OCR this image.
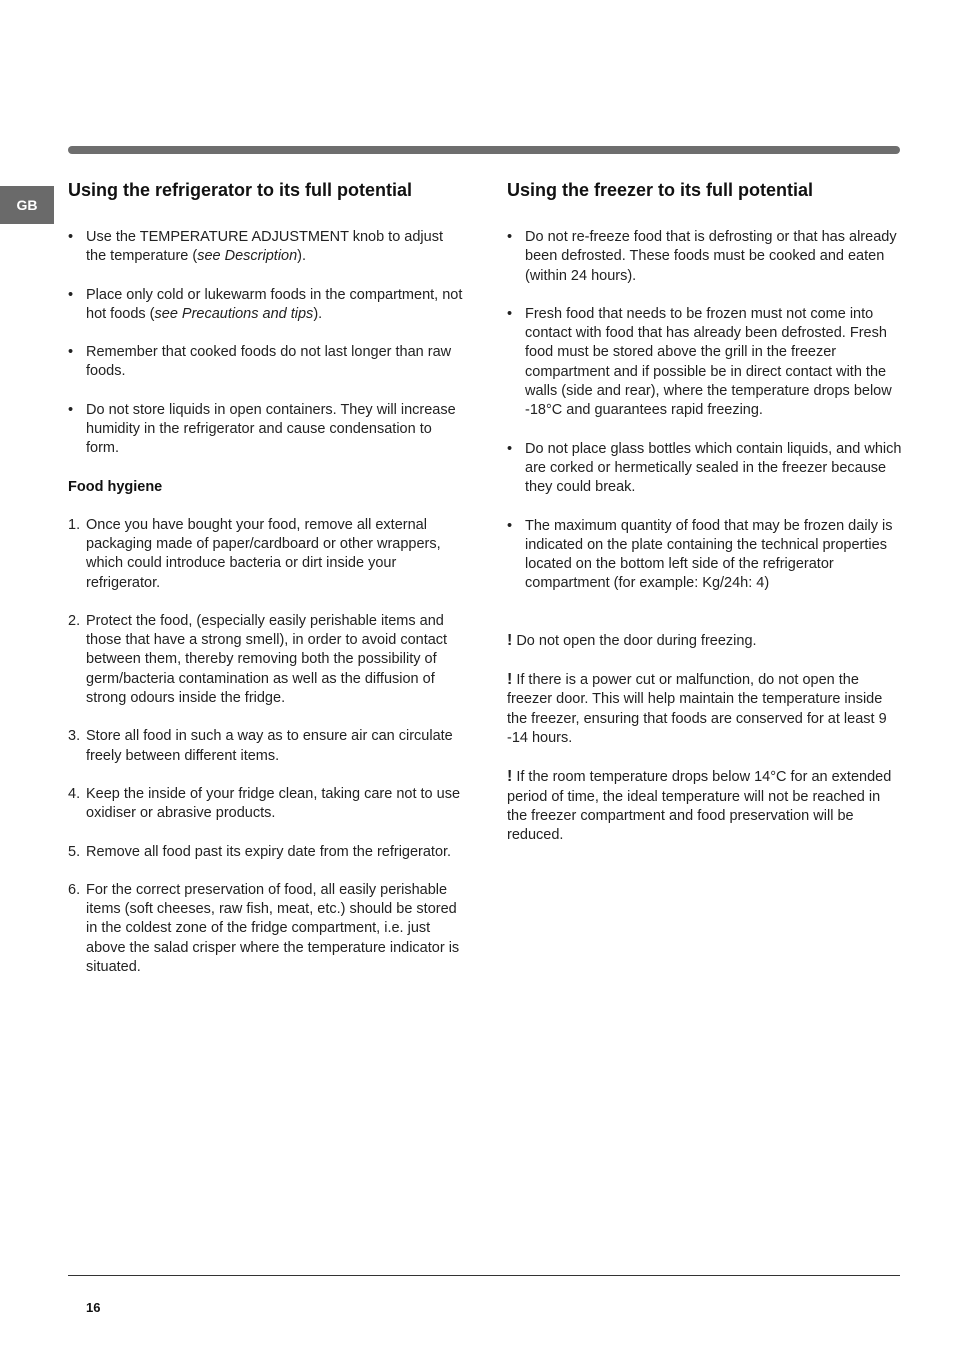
GB
Using the refrigerator to its full potential
• Use the TEMPERATURE ADJUSTMENT knob to adjust the temperature (see Description).
• Place only cold or lukewarm foods in the compartment, not hot foods (see Precautions and tips).
• Remember that cooked foods do not last longer than raw foods.
• Do not store liquids in open containers. They will increase humidity in the refrigerator and cause condensation to form.
Food hygiene
1. Once you have bought your food, remove all external packaging made of paper/cardboard or other wrappers, which could introduce bacteria or dirt inside your refrigerator.
2. Protect the food, (especially easily perishable items and those that have a strong smell), in order to avoid contact between them, thereby removing both the possibility of germ/bacteria contamination as well as the diffusion of strong odours inside the fridge.
3. Store all food in such a way as to ensure air can circulate freely between different items.
4. Keep the inside of your fridge clean, taking care not to use oxidiser or abrasive products.
5. Remove all food past its expiry date from the refrigerator.
6. For the correct preservation of food, all easily perishable items (soft cheeses, raw fish, meat, etc.) should be stored in the coldest zone of the fridge compartment, i.e. just above the salad crisper where the temperature indicator is situated.
Using the freezer to its full potential
• Do not re-freeze food that is defrosting or that has already been defrosted. These foods must be cooked and eaten (within 24 hours).
• Fresh food that needs to be frozen must not come into contact with food that has already been defrosted. Fresh food must be stored above the grill in the freezer compartment and if possible be in direct contact with the walls (side and rear), where the temperature drops below -18°C and guarantees rapid freezing.
• Do not place glass bottles which contain liquids, and which are corked or hermetically sealed in the freezer because they could break.
• The maximum quantity of food that may be frozen daily is indicated on the plate containing the technical properties located on the bottom left side of the refrigerator compartment (for example: Kg/24h: 4)

! Do not open the door during freezing.

! If there is a power cut or malfunction, do not open the freezer door. This will help maintain the temperature inside the freezer, ensuring that foods are conserved for at least 9 -14 hours.

! If the room temperature drops below 14°C for an extended period of time, the ideal temperature will not be reached in the freezer compartment and food preservation will be reduced.

16
